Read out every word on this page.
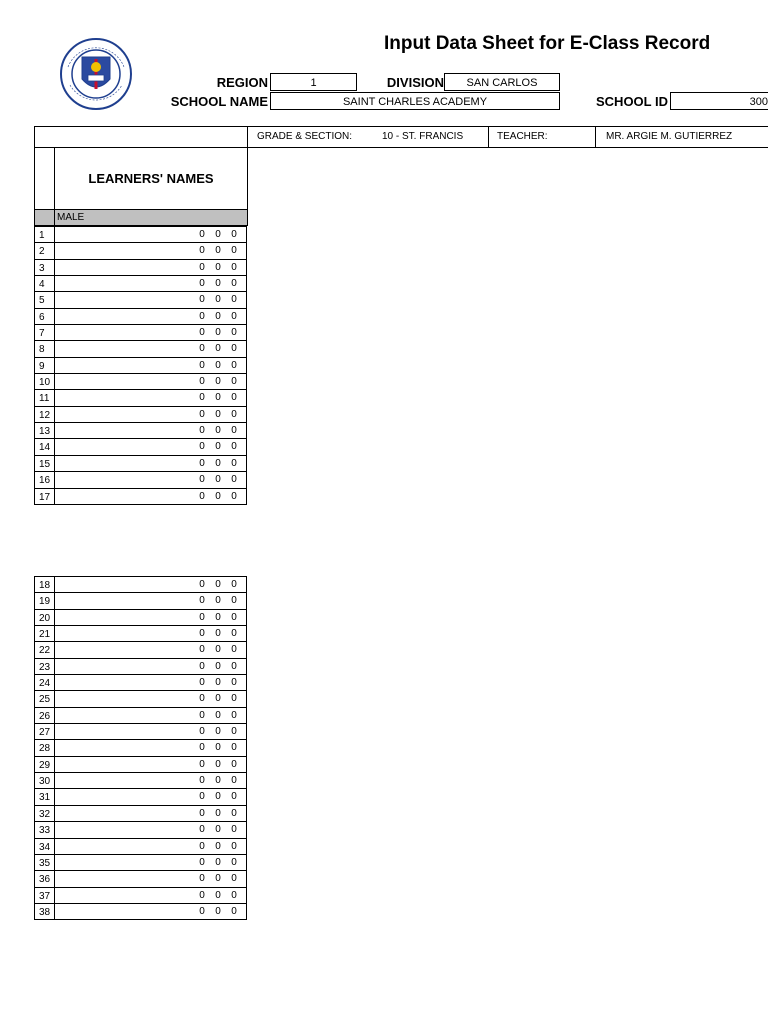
Input Data Sheet for E-Class Record
REGION	1	DIVISION	SAN CARLOS
SCHOOL NAME	SAINT CHARLES ACADEMY	SCHOOL ID	300
GRADE & SECTION:	10 - ST. FRANCIS	TEACHER:	MR. ARGIE M. GUTIERREZ
LEARNERS' NAMES
MALE
1	0 0 0
2	0 0 0
3	0 0 0
4	0 0 0
5	0 0 0
6	0 0 0
7	0 0 0
8	0 0 0
9	0 0 0
10	0 0 0
11	0 0 0
12	0 0 0
13	0 0 0
14	0 0 0
15	0 0 0
16	0 0 0
17	0 0 0
18	0 0 0
19	0 0 0
20	0 0 0
21	0 0 0
22	0 0 0
23	0 0 0
24	0 0 0
25	0 0 0
26	0 0 0
27	0 0 0
28	0 0 0
29	0 0 0
30	0 0 0
31	0 0 0
32	0 0 0
33	0 0 0
34	0 0 0
35	0 0 0
36	0 0 0
37	0 0 0
38	0 0 0
